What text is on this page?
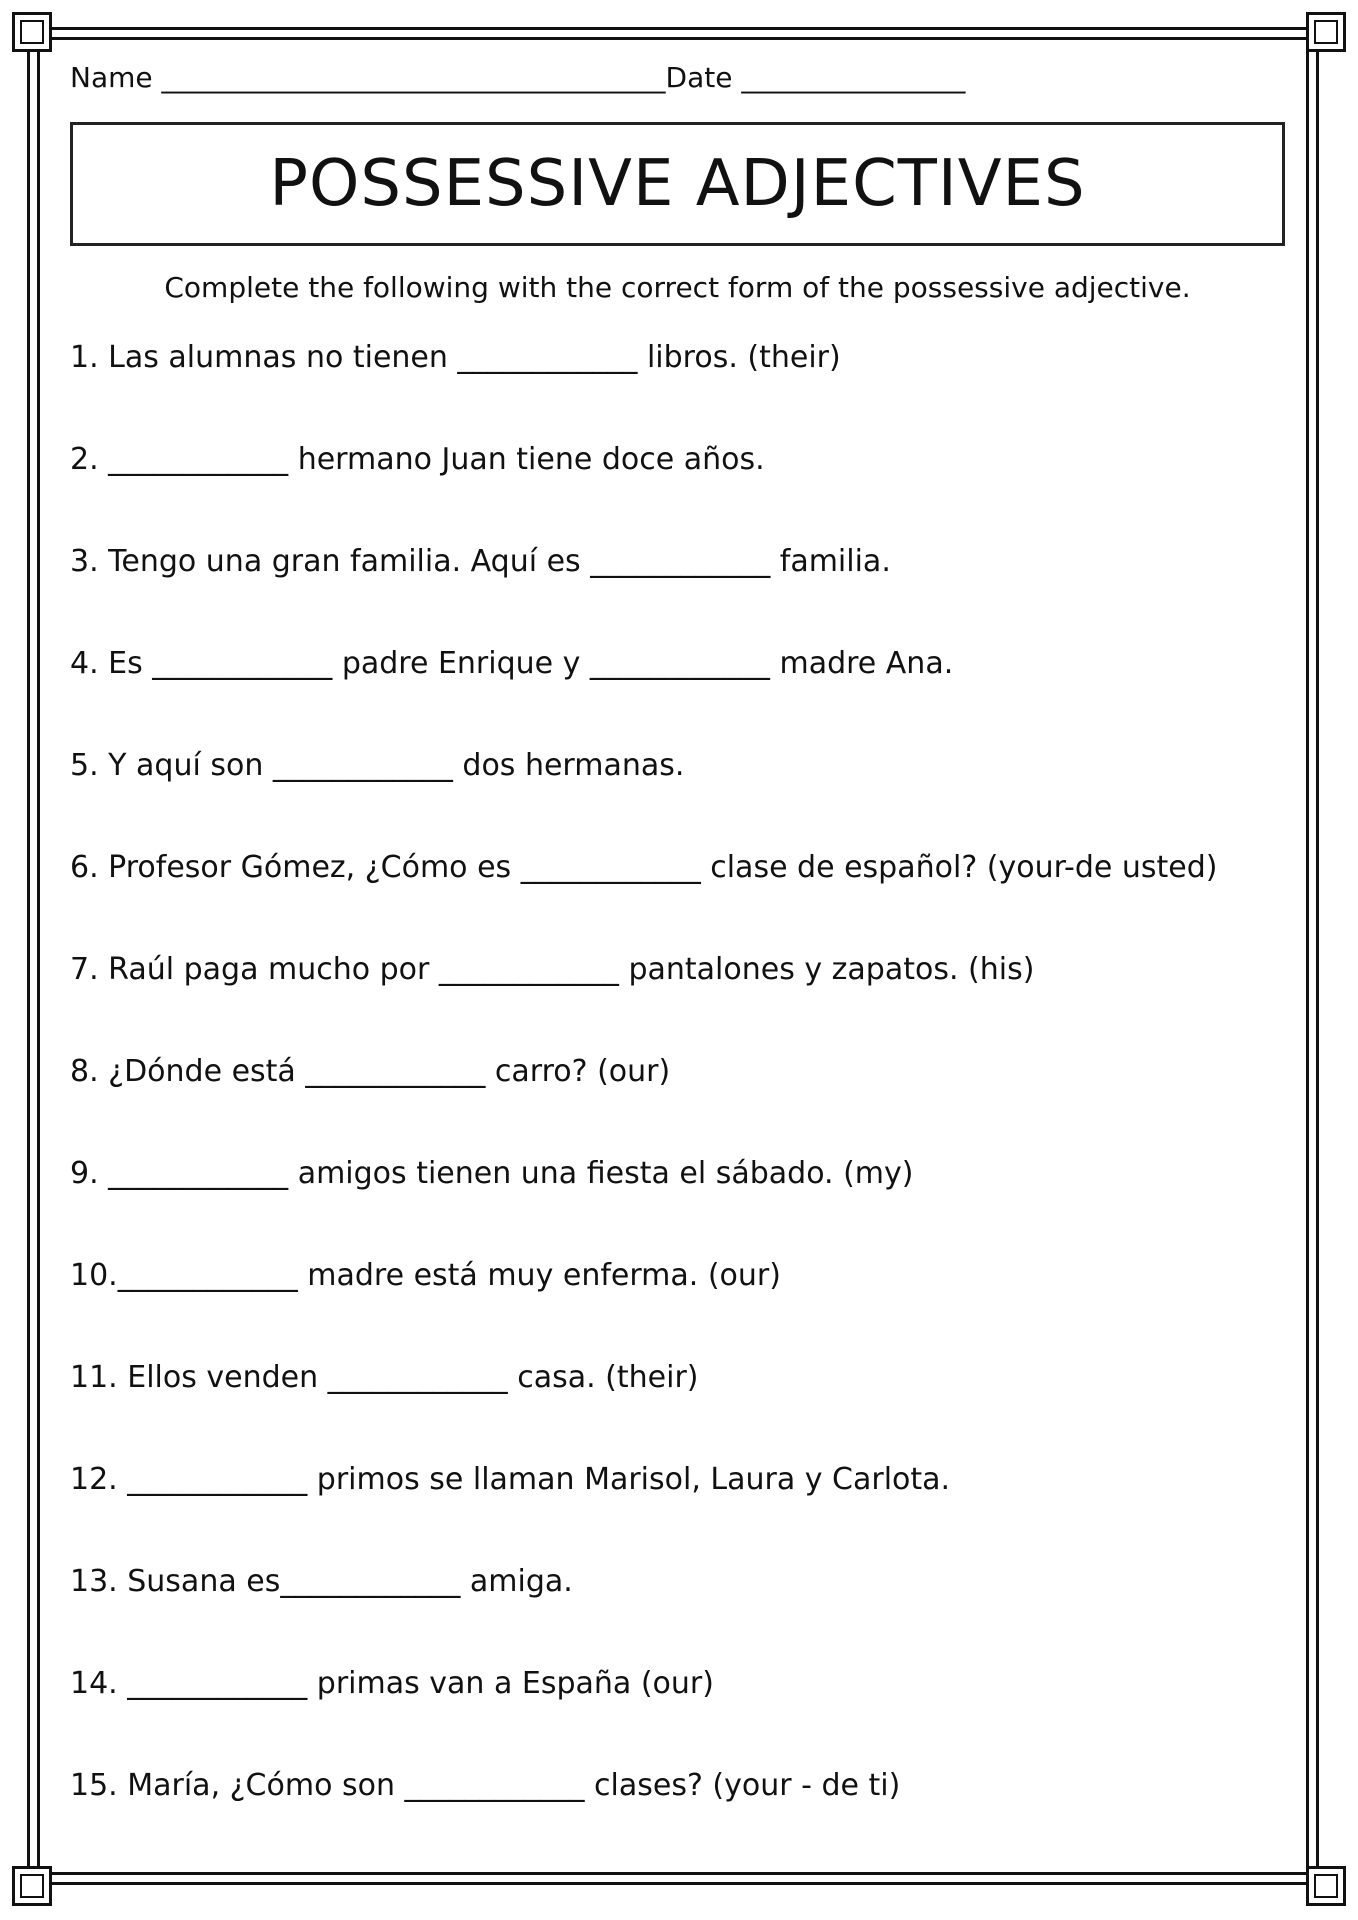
Name ____________________________________Date ________________
POSSESSIVE ADJECTIVES
Complete the following with the correct form of the possessive adjective.
1. Las alumnas no tienen ____________ libros. (their)
2. ____________ hermano Juan tiene doce años.
3. Tengo una gran familia. Aquí es ____________ familia.
4. Es ____________ padre Enrique y ____________ madre Ana.
5. Y aquí son ____________ dos hermanas.
6. Profesor Gómez, ¿Cómo es ____________ clase de español? (your-de usted)
7. Raúl paga mucho por ____________ pantalones y zapatos. (his)
8. ¿Dónde está ____________ carro? (our)
9. ____________ amigos tienen una fiesta el sábado. (my)
10.____________ madre está muy enferma. (our)
11. Ellos venden ____________ casa. (their)
12. ____________ primos se llaman Marisol, Laura y Carlota.
13. Susana es____________ amiga.
14. ____________ primas van a España (our)
15. María, ¿Cómo son ____________ clases? (your - de ti)
